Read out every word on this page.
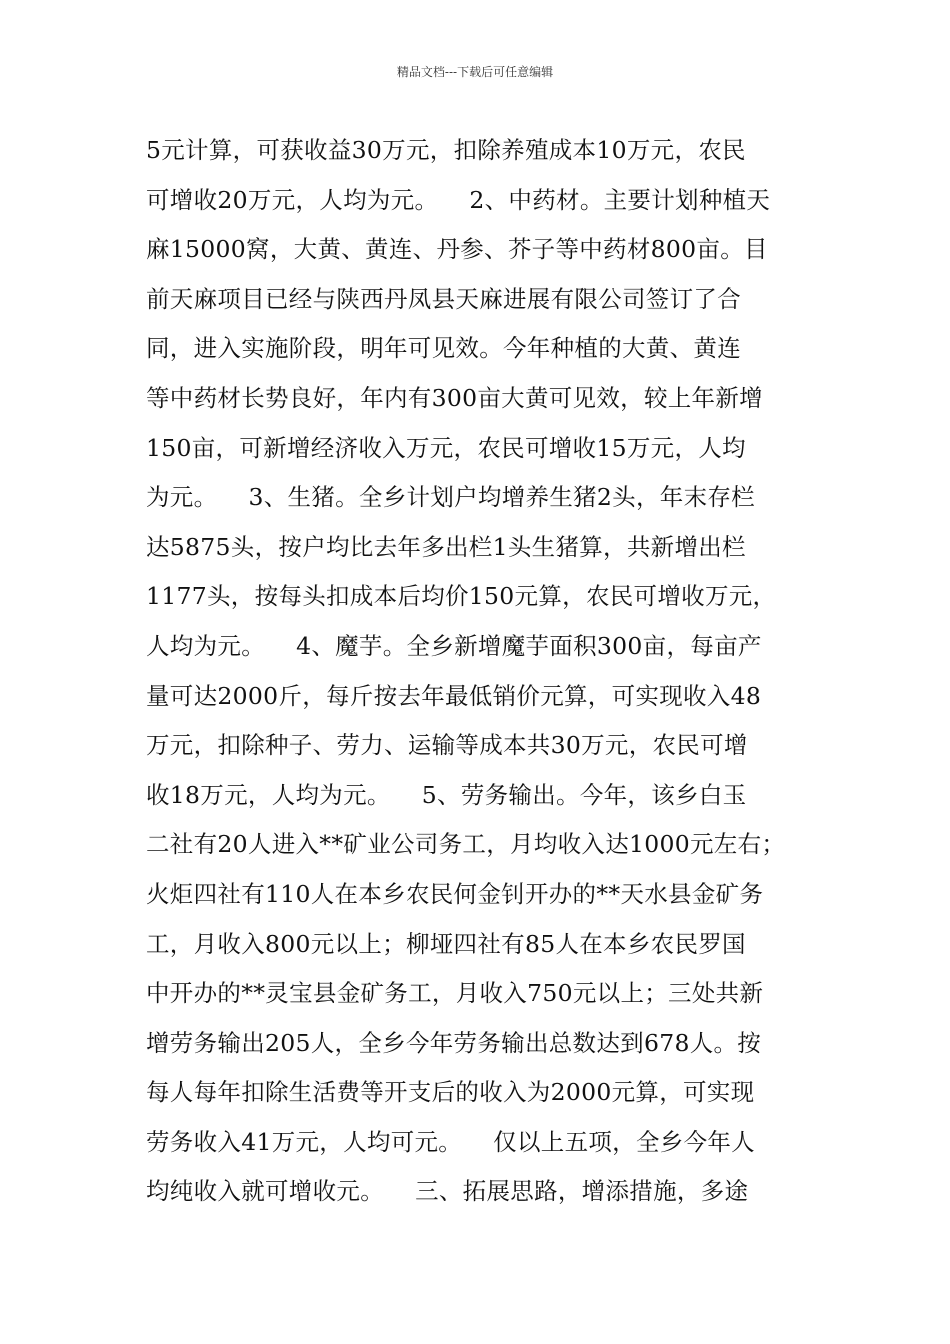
精品文档---下载后可任意编辑
5元计算，可获收益30万元，扣除养殖成本10万元，农民
可增收20万元，人均为元。    2、中药材。主要计划种植天
麻15000窝，大黄、黄连、丹参、芥子等中药材800亩。目
前天麻项目已经与陕西丹凤县天麻进展有限公司签订了合
同，进入实施阶段，明年可见效。今年种植的大黄、黄连
等中药材长势良好，年内有300亩大黄可见效，较上年新增
150亩，可新增经济收入万元，农民可增收15万元，人均
为元。    3、生猪。全乡计划户均增养生猪2头，年末存栏
达5875头，按户均比去年多出栏1头生猪算，共新增出栏
1177头，按每头扣成本后均价150元算，农民可增收万元，
人均为元。    4、魔芋。全乡新增魔芋面积300亩，每亩产
量可达2000斤，每斤按去年最低销价元算，可实现收入48
万元，扣除种子、劳力、运输等成本共30万元，农民可增
收18万元，人均为元。    5、劳务输出。今年，该乡白玉
二社有20人进入**矿业公司务工，月均收入达1000元左右；
火炬四社有110人在本乡农民何金钊开办的**天水县金矿务
工，月收入800元以上；柳垭四社有85人在本乡农民罗国
中开办的**灵宝县金矿务工，月收入750元以上；三处共新
增劳务输出205人，全乡今年劳务输出总数达到678人。按
每人每年扣除生活费等开支后的收入为2000元算，可实现
劳务收入41万元，人均可元。    仅以上五项，全乡今年人
均纯收入就可增收元。    三、拓展思路，增添措施，多途
